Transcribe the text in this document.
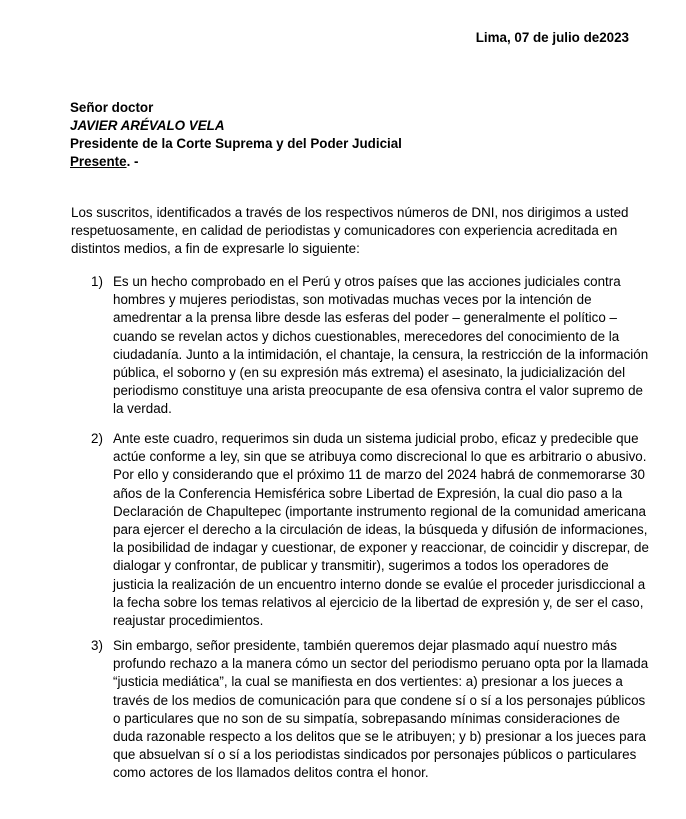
Lima, 07 de julio de2023
Señor doctor
JAVIER ARÉVALO VELA
Presidente de la Corte Suprema y del Poder Judicial
Presente. -

Los suscritos, identificados a través de los respectivos números de DNI, nos dirigimos a usted respetuosamente, en calidad de periodistas y comunicadores con experiencia acreditada en distintos medios, a fin de expresarle lo siguiente:

1) Es un hecho comprobado en el Perú y otros países que las acciones judiciales contra hombres y mujeres periodistas, son motivadas muchas veces por la intención de amedrentar a la prensa libre desde las esferas del poder – generalmente el político – cuando se revelan actos y dichos cuestionables, merecedores del conocimiento de la ciudadanía. Junto a la intimidación, el chantaje, la censura, la restricción de la información pública, el soborno y (en su expresión más extrema) el asesinato, la judicialización del periodismo constituye una arista preocupante de esa ofensiva contra el valor supremo de la verdad.
2) Ante este cuadro, requerimos sin duda un sistema judicial probo, eficaz y predecible que actúe conforme a ley, sin que se atribuya como discrecional lo que es arbitrario o abusivo. Por ello y considerando que el próximo 11 de marzo del 2024 habrá de conmemorarse 30 años de la Conferencia Hemisférica sobre Libertad de Expresión, la cual dio paso a la Declaración de Chapultepec (importante instrumento regional de la comunidad americana para ejercer el derecho a la circulación de ideas, la búsqueda y difusión de informaciones, la posibilidad de indagar y cuestionar, de exponer y reaccionar, de coincidir y discrepar, de dialogar y confrontar, de publicar y transmitir), sugerimos a todos los operadores de justicia la realización de un encuentro interno donde se evalúe el proceder jurisdiccional a la fecha sobre los temas relativos al ejercicio de la libertad de expresión y, de ser el caso, reajustar procedimientos.
3) Sin embargo, señor presidente, también queremos dejar plasmado aquí nuestro más profundo rechazo a la manera cómo un sector del periodismo peruano opta por la llamada “justicia mediática”, la cual se manifiesta en dos vertientes: a) presionar a los jueces a través de los medios de comunicación para que condene sí o sí a los personajes públicos o particulares que no son de su simpatía, sobrepasando mínimas consideraciones de duda razonable respecto a los delitos que se le atribuyen; y b) presionar a los jueces para que absuelvan sí o sí a los periodistas sindicados por personajes públicos o particulares como actores de los llamados delitos contra el honor.
